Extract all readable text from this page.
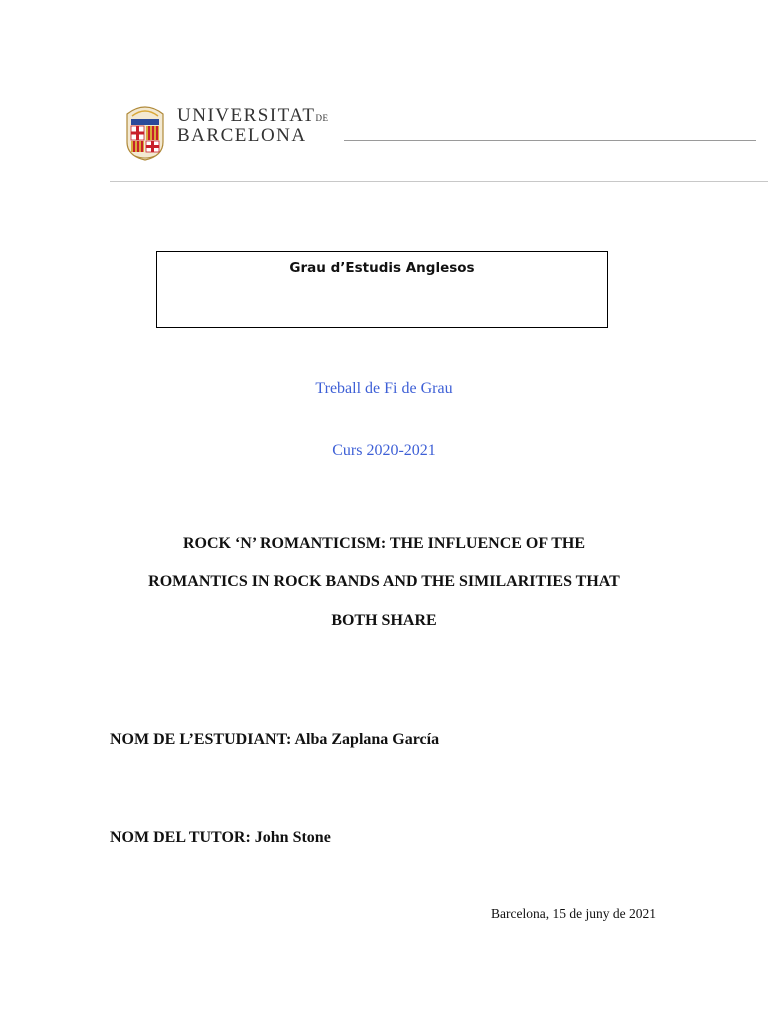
UNIVERSITATDE
BARCELONA
Grau d’Estudis Anglesos
Treball de Fi de Grau
Curs 2020-2021
ROCK ‘N’ ROMANTICISM: THE INFLUENCE OF THE
ROMANTICS IN ROCK BANDS AND THE SIMILARITIES THAT
BOTH SHARE
NOM DE L’ESTUDIANT: Alba Zaplana García
NOM DEL TUTOR: John Stone
Barcelona, 15 de juny de 2021
